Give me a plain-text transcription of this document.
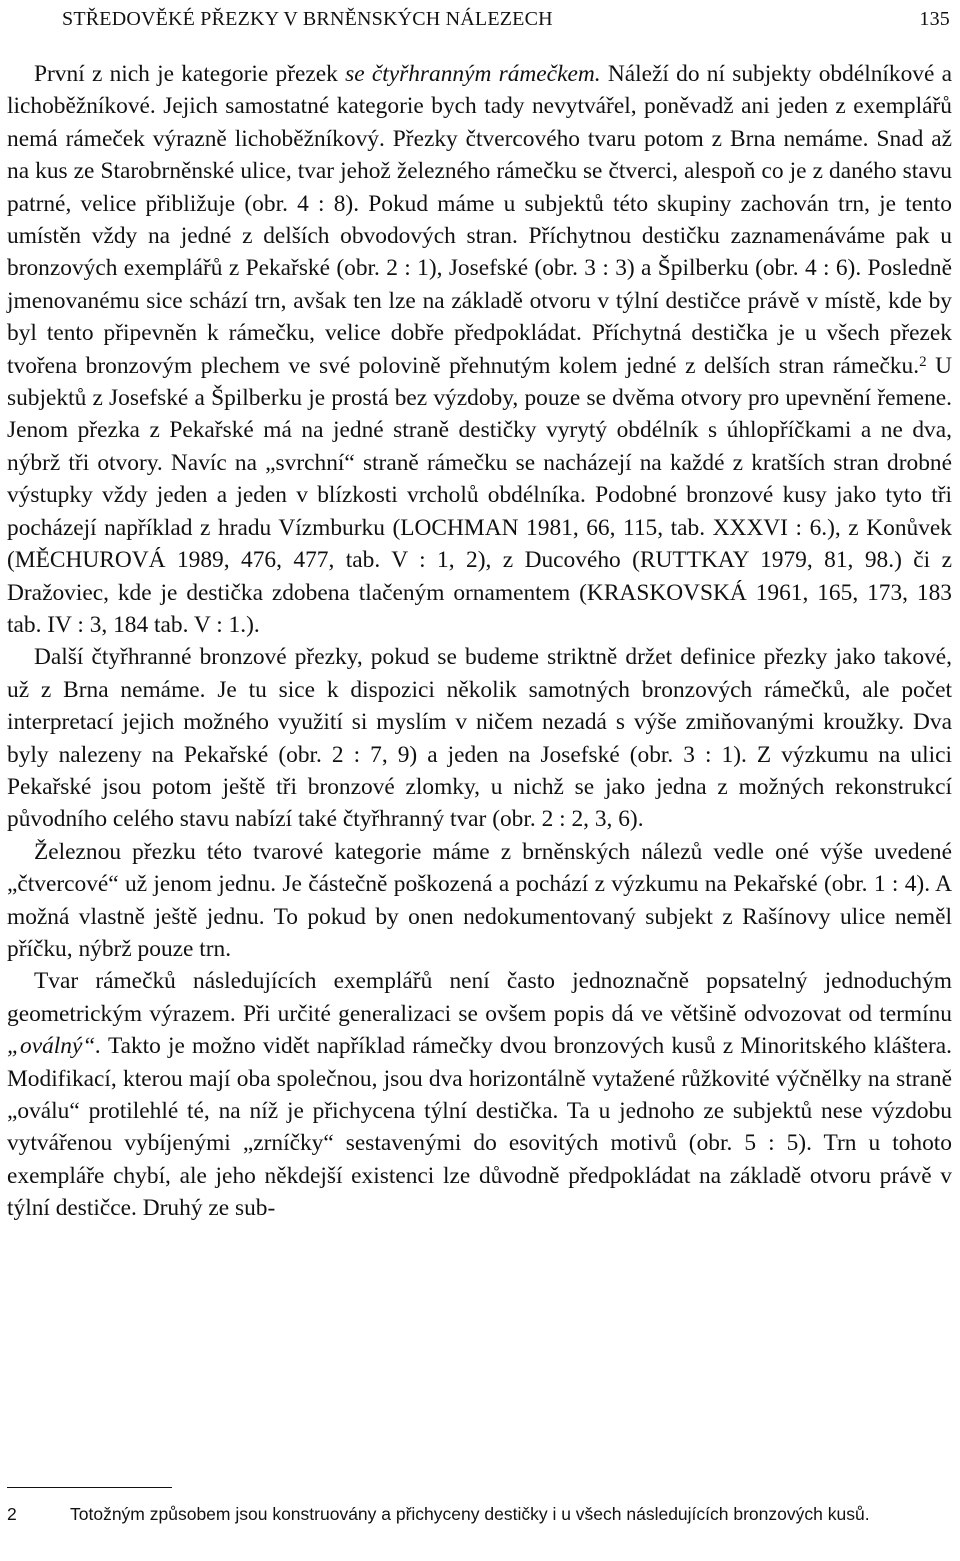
STŘEDOVĚKÉ PŘEZKY V BRNĚNSKÝCH NÁLEZECH	135

První z nich je kategorie přezek se čtyřhranným rámečkem. Náleží do ní subjekty obdélníkové a lichoběžníkové. Jejich samostatné kategorie bych tady nevytvářel, poněvadž ani jeden z exemplářů nemá rámeček výrazně lichoběžníkový. Přezky čtvercového tvaru potom z Brna nemáme. Snad až na kus ze Starobrněnské ulice, tvar jehož železného rámečku se čtverci, alespoň co je z daného stavu patrné, velice přibližuje (obr. 4 : 8). Pokud máme u subjektů této skupiny zachován trn, je tento umístěn vždy na jedné z delších obvodových stran. Příchytnou destičku zaznamenáváme pak u bronzových exemplářů z Pekařské (obr. 2 : 1), Josefské (obr. 3 : 3) a Špilberku (obr. 4 : 6). Posledně jmenovanému sice schází trn, avšak ten lze na základě otvoru v týlní destičce právě v místě, kde by byl tento připevněn k rámečku, velice dobře předpokládat. Příchytná destička je u všech přezek tvořena bronzovým plechem ve své polovině přehnutým kolem jedné z delších stran rámečku.$^2$ U subjektů z Josefské a Špilberku je prostá bez výzdoby, pouze se dvěma otvory pro upevnění řemene. Jenom přezka z Pekařské má na jedné straně destičky vyrytý obdélník s úhlopříčkami a ne dva, nýbrž tři otvory. Navíc na „svrchní“ straně rámečku se nacházejí na každé z kratších stran drobné výstupky vždy jeden a jeden v blízkosti vrcholů obdélníka. Podobné bronzové kusy jako tyto tři pocházejí například z hradu Vízmburku (LOCHMAN 1981, 66, 115, tab. XXXVI : 6.), z Konůvek (MĚCHUROVÁ 1989, 476, 477, tab. V : 1, 2), z Ducového (RUTTKAY 1979, 81, 98.) či z Dražoviec, kde je destička zdobena tlačeným ornamentem (KRASKOVSKÁ 1961, 165, 173, 183 tab. IV : 3, 184 tab. V : 1.).

Další čtyřhranné bronzové přezky, pokud se budeme striktně držet definice přezky jako takové, už z Brna nemáme. Je tu sice k dispozici několik samotných bronzových rámečků, ale počet interpretací jejich možného využití si myslím v ničem nezadá s výše zmiňovanými kroužky. Dva byly nalezeny na Pekařské (obr. 2 : 7, 9) a jeden na Josefské (obr. 3 : 1). Z výzkumu na ulici Pekařské jsou potom ještě tři bronzové zlomky, u nichž se jako jedna z možných rekonstrukcí původního celého stavu nabízí také čtyřhranný tvar (obr. 2 : 2, 3, 6).

Železnou přezku této tvarové kategorie máme z brněnských nálezů vedle oné výše uvedené „čtvercové“ už jenom jednu. Je částečně poškozená a pochází z výzkumu na Pekařské (obr. 1 : 4). A možná vlastně ještě jednu. To pokud by onen nedokumentovaný subjekt z Rašínovy ulice neměl příčku, nýbrž pouze trn.

Tvar rámečků následujících exemplářů není často jednoznačně popsatelný jednoduchým geometrickým výrazem. Při určité generalizaci se ovšem popis dá ve většině odvozovat od termínu „oválný“. Takto je možno vidět například rámečky dvou bronzových kusů z Minoritského kláštera. Modifikací, kterou mají oba společnou, jsou dva horizontálně vytažené růžkovité výčnělky na straně „oválu“ protilehlé té, na níž je přichycena týlní destička. Ta u jednoho ze subjektů nese výzdobu vytvářenou vybíjenými „zrníčky“ sestavenými do esovitých motivů (obr. 5 : 5). Trn u tohoto exempláře chybí, ale jeho někdejší existenci lze důvodně předpokládat na základě otvoru právě v týlní destičce. Druhý ze sub-

2	Totožným způsobem jsou konstruovány a přichyceny destičky i u všech následujících bronzových kusů.
